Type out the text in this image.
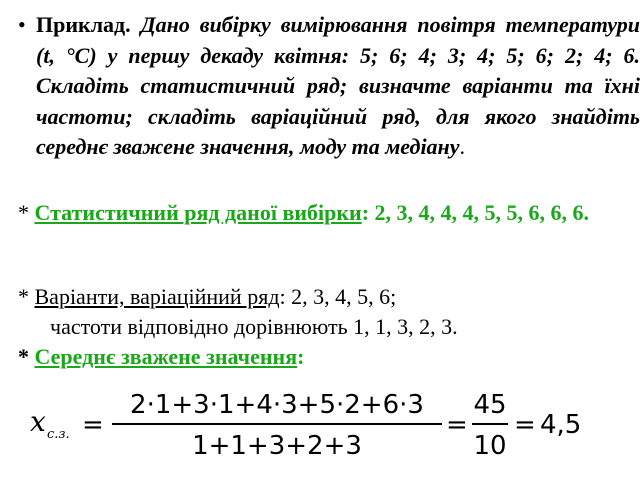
• Приклад. Дано вибірку вимірювання повітря температури (t, °С) у першу декаду квітня: 5; 6; 4; 3; 4; 5; 6; 2; 4; 6. Складіть статистичний ряд; визначте варіанти та їхні частоти; складіть варіаційний ряд, для якого знайдіть середнє зважене значення, моду та медіану.
* Статистичний ряд даної вибірки: 2, 3, 4, 4, 4, 5, 5, 6, 6, 6.
* Варіанти, варіаційний ряд: 2, 3, 4, 5, 6;
частоти відповідно дорівнюють 1, 1, 3, 2, 3.
* Середнє зважене значення:
x с.з. =
2·1+3·1+4·3+5·2+6·3
1+1+3+2+3
=
45
10
= 4,5
